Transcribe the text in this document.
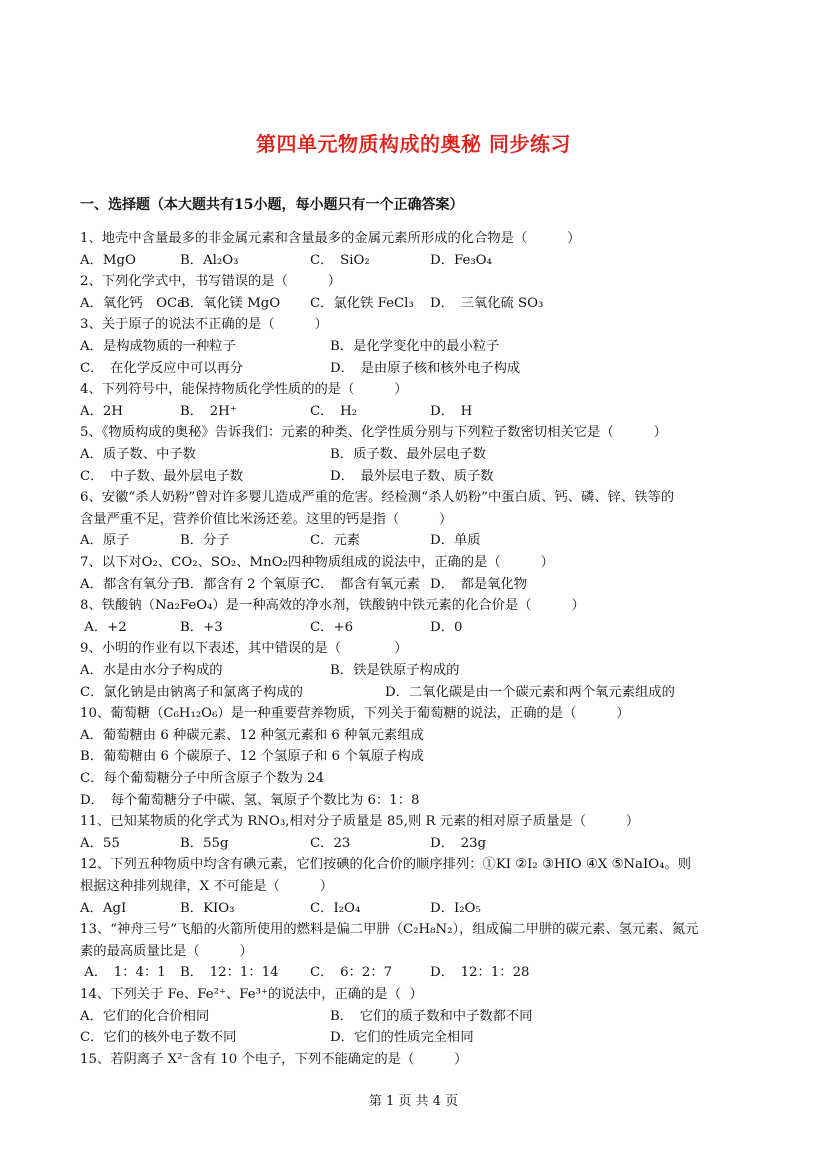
第四单元物质构成的奥秘 同步练习
一、选择题（本大题共有15小题，每小题只有一个正确答案）
1、地壳中含量最多的非金属元素和含量最多的金属元素所形成的化合物是（　　　）
A．MgO	B．Al₂O₃	C．　SiO₂	D．Fe₃O₄
2、下列化学式中，书写错误的是（　　　）
A．氧化钙　OCa
B．氧化镁 MgO C．氯化铁 FeCl₃ D．　三氧化硫 SO₃
3、关于原子的说法不正确的是（　　　）
A．是构成物质的一种粒子	B．是化学变化中的最小粒子
C．　在化学反应中可以再分	D．　是由原子核和核外电子构成
4、下列符号中，能保持物质化学性质的的是（　　　）
A．2H	B．　2H⁺	C．　H₂	D．　H
5、《物质构成的奥秘》告诉我们：元素的种类、化学性质分别与下列粒子数密切相关它是（　　　）
A．质子数、中子数	B．质子数、最外层电子数
C．　中子数、最外层电子数	D．　最外层电子数、质子数
6、安徽“杀人奶粉”曾对许多婴儿造成严重的危害。经检测“杀人奶粉”中蛋白质、钙、磷、锌、铁等的
含量严重不足，营养价值比米汤还差。这里的钙是指（　　　）
A．原子	B．分子	C．元素	D．单质
7、以下对O₂、CO₂、SO₂、MnO₂四种物质组成的说法中，正确的是（　　　）
A．都含有氧分子
B．都含有 2 个氧原子
C．　都含有氧元素 D．　都是氧化物
8、铁酸钠（Na₂FeO₄）是一种高效的净水剂，铁酸钠中铁元素的化合价是（　　　）
A．+2	B．+3	C．+6	D．0
9、小明的作业有以下表述，其中错误的是（　　　　）
A．水是由水分子构成的	B．铁是铁原子构成的
C．氯化钠是由钠离子和氯离子构成的	D．二氧化碳是由一个碳元素和两个氧元素组成的
10、葡萄糖（C₆H₁₂O₆）是一种重要营养物质，下列关于葡萄糖的说法，正确的是（　　　）
A．葡萄糖由 6 种碳元素、12 种氢元素和 6 种氧元素组成
B．葡萄糖由 6 个碳原子、12 个氢原子和 6 个氧原子构成
C．每个葡萄糖分子中所含原子个数为 24
D．　每个葡萄糖分子中碳、氢、氧原子个数比为 6：1：8
11、已知某物质的化学式为 RNO₃,相对分子质量是 85,则 R 元素的相对原子质量是（　　　）
A．55	B．55g	C．23	D．　23g
12、下列五种物质中均含有碘元素，它们按碘的化合价的顺序排列：①KI ②I₂ ③HIO ④X ⑤NaIO₄。则
根据这种排列规律，X 不可能是（　　　）
A．AgI	B．KIO₃	C．I₂O₄	D．I₂O₅
13、“神舟三号”飞船的火箭所使用的燃料是偏二甲肼（C₂H₈N₂），组成偏二甲肼的碳元素、氢元素、氮元
素的最高质量比是（　　　）
A．　1：4：1 B．　12：1：14 C．　6：2：7	D．　12：1：28
14、下列关于 Fe、Fe²⁺、Fe³⁺的说法中，正确的是（  ）
A．它们的化合价相同	B．　它们的质子数和中子数都不同
C．它们的核外电子数不同	D．它们的性质完全相同
15、若阴离子 X²⁻含有 10 个电子，下列不能确定的是（　　　）
第 1 页 共 4 页
